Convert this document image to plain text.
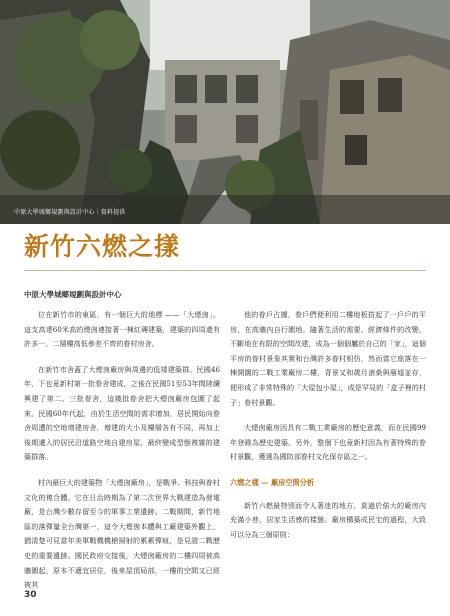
中原大學城鄉規劃與設計中心｜資料提供
新竹六燃之㨾
中原大學城鄉規劃與設計中心

位在新竹市的東區，有一個巨大的地標 ——「大煙囪」。這支高達60米高的煙囪連接著一棟紅磚建築，建築的四周還有許多一、二層樓高低參差不齊的眷村房舍。

在新竹市舍蓋了大煙囪廠房與周邊的低矮建築群。民國46年，下也竟新村第一批眷舍建成，之後在民國51至53年間陸續興建了第二、三批眷舍，這幾批眷舍把大煙囪廠房包圍了起來。民國60年代起，由於生活空間的需求增加，居民開始向眷舍周遭的空地增建房舍，增建的大小及樓層各有不同，再加上後期遷入的居民沿道路空地自建房屋，最終變成型態複雜的建築群落。

村內最巨大的建築物「大煙囪廠房」，是戰爭、科技與眷村文化的複合體。它在日治時期為了第二次世界大戰建造為發電廠，是台灣少數存留至今的軍事工業遺跡。二戰期間，新竹地區的落彈量全台灣第一，這令大煙囪本體與工廠建築外觀上，猶清楚可見當年美軍戰機機槍掃射的累累彈痕，是見證二戰歷史的重要遺跡。國民政府交接後，大煙囪廠房的二樓四周被高牆圍起，原本不適宜居住，後來屋頂局部，一樓的空間又已經被其

他的眷戶占據，眷戶們便利用二樓地板搭起了一戶戶的平房，在高牆內自行圍地。隨著生活的需要、經濟條件的改變，不斷地在有限的空間改建，成為一個個屬於自己的「家」，這個平房的眷村景象其實和台灣許多眷村相仿，然而當它座落在一棟開闊的二戰工業廠房二樓，背景又和歲月滄桑與廢墟並存，便形成了非常特殊的「大屋包小屋」，成是罕見的「盒子裡的村子」眷村景觀。

大煙囪廠房因具有二戰工業廠房的歷史意義，而在民國99年登錄為歷史建築。另外，整個下也竟新村因為有著特殊的眷村景觀，獲選為國防部眷村文化保存區之一。

六燃之樣 — 廠房空間分析

新竹六燃最特別而令人著迷的地方，莫過於偌大的廠房內充滿小巷、居家生活感的樣態。廠房構築成民宅的過程，大致可以分為三個原則：

30
